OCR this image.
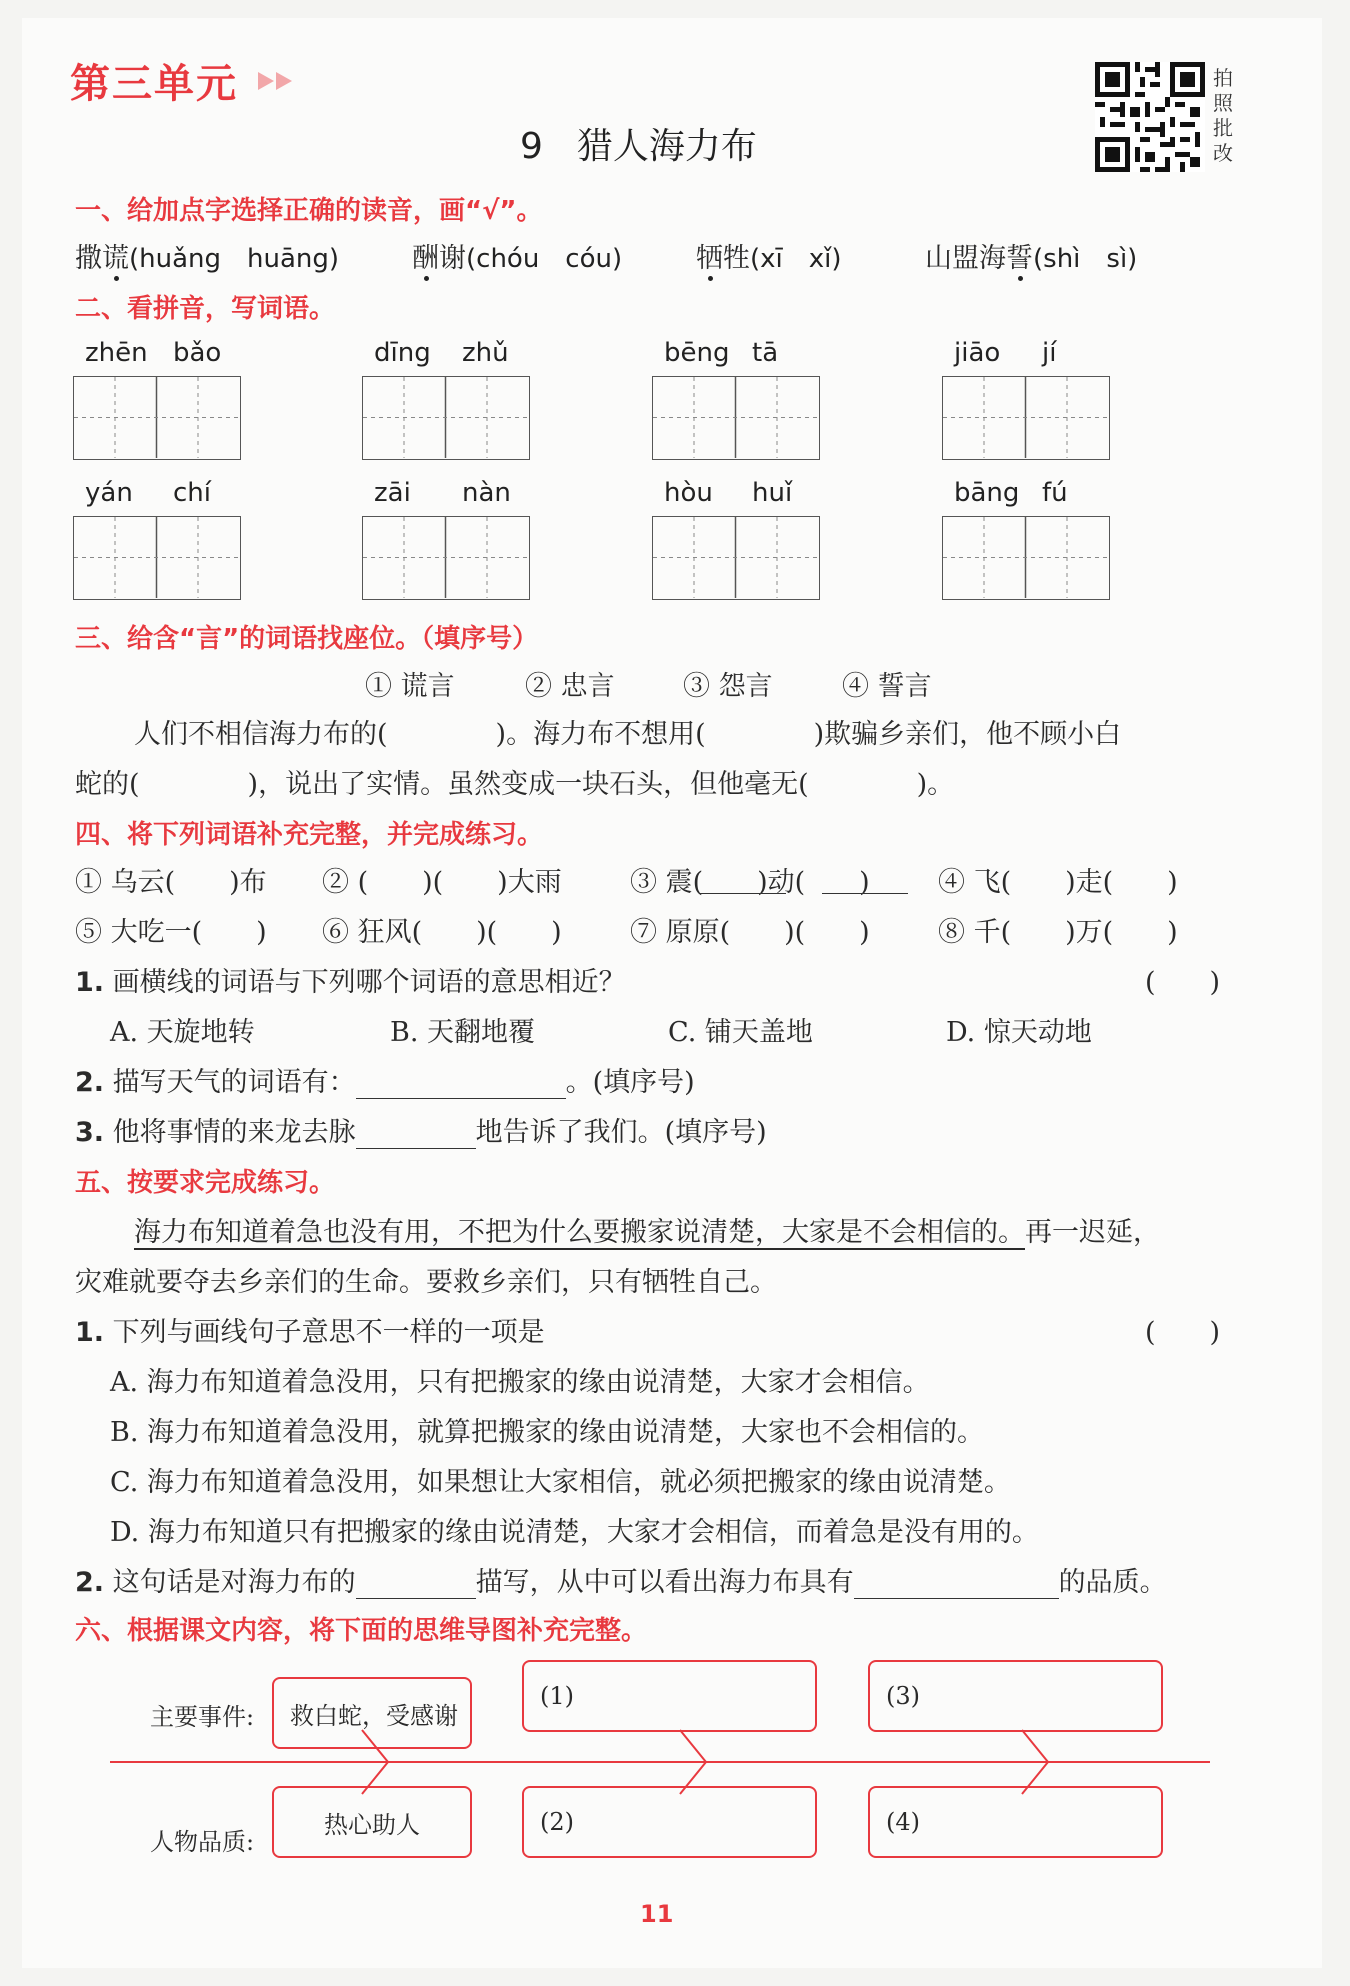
第三单元
9 猎人海力布
拍照批改
一、给加点字选择正确的读音，画“√”。
撒谎(huǎng　huāng)	酬谢(chóu　cóu)	牺牲(xī　xǐ)	山盟海誓(shì　sì)
二、看拼音，写词语。
zhēn bǎo	dīng zhǔ	bēng tā	jiāo jí
yán chí	zāi nàn	hòu huǐ	bāng fú
三、给含“言”的词语找座位。（填序号）
① 谎言	② 忠言	③ 怨言	④ 誓言
人们不相信海力布的(　　　　)。海力布不想用(　　　　)欺骗乡亲们，他不顾小白
蛇的(　　　　)，说出了实情。虽然变成一块石头，但他毫无(　　　　)。
四、将下列词语补充完整，并完成练习。
① 乌云(　　)布 ② (　　)(　　)大雨	③ 震(　　)动(　　)	④ 飞(　　)走(　　)
⑤ 大吃一(　　) ⑥ 狂风(　　)(　　)	⑦ 原原(　　)(　　)	⑧ 千(　　)万(　　)
1. 画横线的词语与下列哪个词语的意思相近？	(　　)
A. 天旋地转	B. 天翻地覆	C. 铺天盖地	D. 惊天动地
2. 描写天气的词语有：	。(填序号)
3. 他将事情的来龙去脉	地告诉了我们。(填序号)
五、按要求完成练习。
海力布知道着急也没有用，不把为什么要搬家说清楚，大家是不会相信的。再一迟延，
灾难就要夺去乡亲们的生命。要救乡亲们，只有牺牲自己。
1. 下列与画线句子意思不一样的一项是	(　　)
A. 海力布知道着急没用，只有把搬家的缘由说清楚，大家才会相信。
B. 海力布知道着急没用，就算把搬家的缘由说清楚，大家也不会相信的。
C. 海力布知道着急没用，如果想让大家相信，就必须把搬家的缘由说清楚。
D. 海力布知道只有把搬家的缘由说清楚，大家才会相信，而着急是没有用的。
2. 这句话是对海力布的	描写，从中可以看出海力布具有	的品质。
六、根据课文内容，将下面的思维导图补充完整。
主要事件:
人物品质:
救白蛇，受感谢
(1)	(3)
热心助人	(2)	(4)
11
